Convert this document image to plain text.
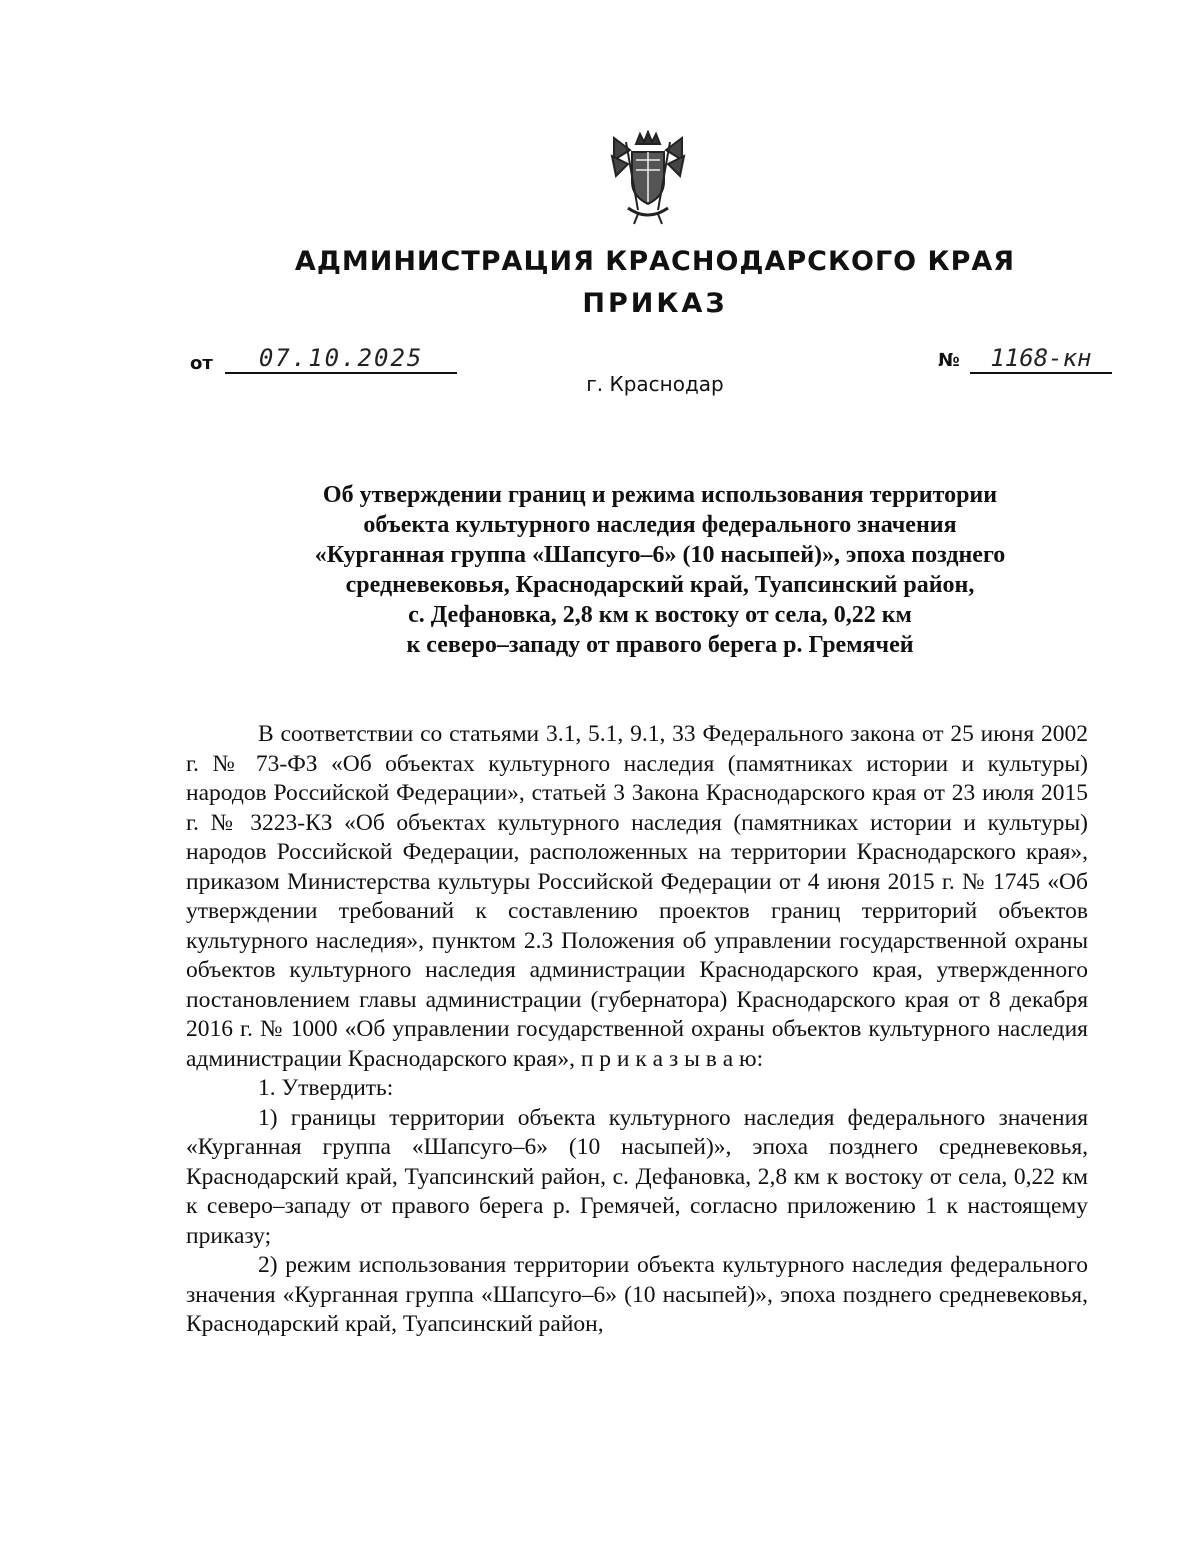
АДМИНИСТРАЦИЯ КРАСНОДАРСКОГО КРАЯ
ПРИКАЗ
от 07.10.2025	№ 1168-кн
г. Краснодар
Об утверждении границ и режима использования территории
объекта культурного наследия федерального значения
«Курганная группа «Шапсуго–6» (10 насыпей)», эпоха позднего
средневековья, Краснодарский край, Туапсинский район,
с. Дефановка, 2,8 км к востоку от села, 0,22 км
к северо–западу от правого берега р. Гремячей

В соответствии со статьями 3.1, 5.1, 9.1, 33 Федерального закона от 25 июня 2002 г. № 73-ФЗ «Об объектах культурного наследия (памятниках истории и культуры) народов Российской Федерации», статьей 3 Закона Краснодарского края от 23 июля 2015 г. № 3223-КЗ «Об объектах культурного наследия (памятниках истории и культуры) народов Российской Федерации, расположенных на территории Краснодарского края», приказом Министерства культуры Российской Федерации от 4 июня 2015 г. № 1745 «Об утверждении требований к составлению проектов границ территорий объектов культурного наследия», пунктом 2.3 Положения об управлении государственной охраны объектов культурного наследия администрации Краснодарского края, утвержденного постановлением главы администрации (губернатора) Краснодарского края от 8 декабря 2016 г. № 1000 «Об управлении государственной охраны объектов культурного наследия администрации Краснодарского края», п р и к а з ы в а ю:

1. Утвердить:

1) границы территории объекта культурного наследия федерального значения «Курганная группа «Шапсуго–6» (10 насыпей)», эпоха позднего средневековья, Краснодарский край, Туапсинский район, с. Дефановка, 2,8 км к востоку от села, 0,22 км к северо–западу от правого берега р. Гремячей, согласно приложению 1 к настоящему приказу;

2) режим использования территории объекта культурного наследия федерального значения «Курганная группа «Шапсуго–6» (10 насыпей)», эпоха позднего средневековья, Краснодарский край, Туапсинский район,
